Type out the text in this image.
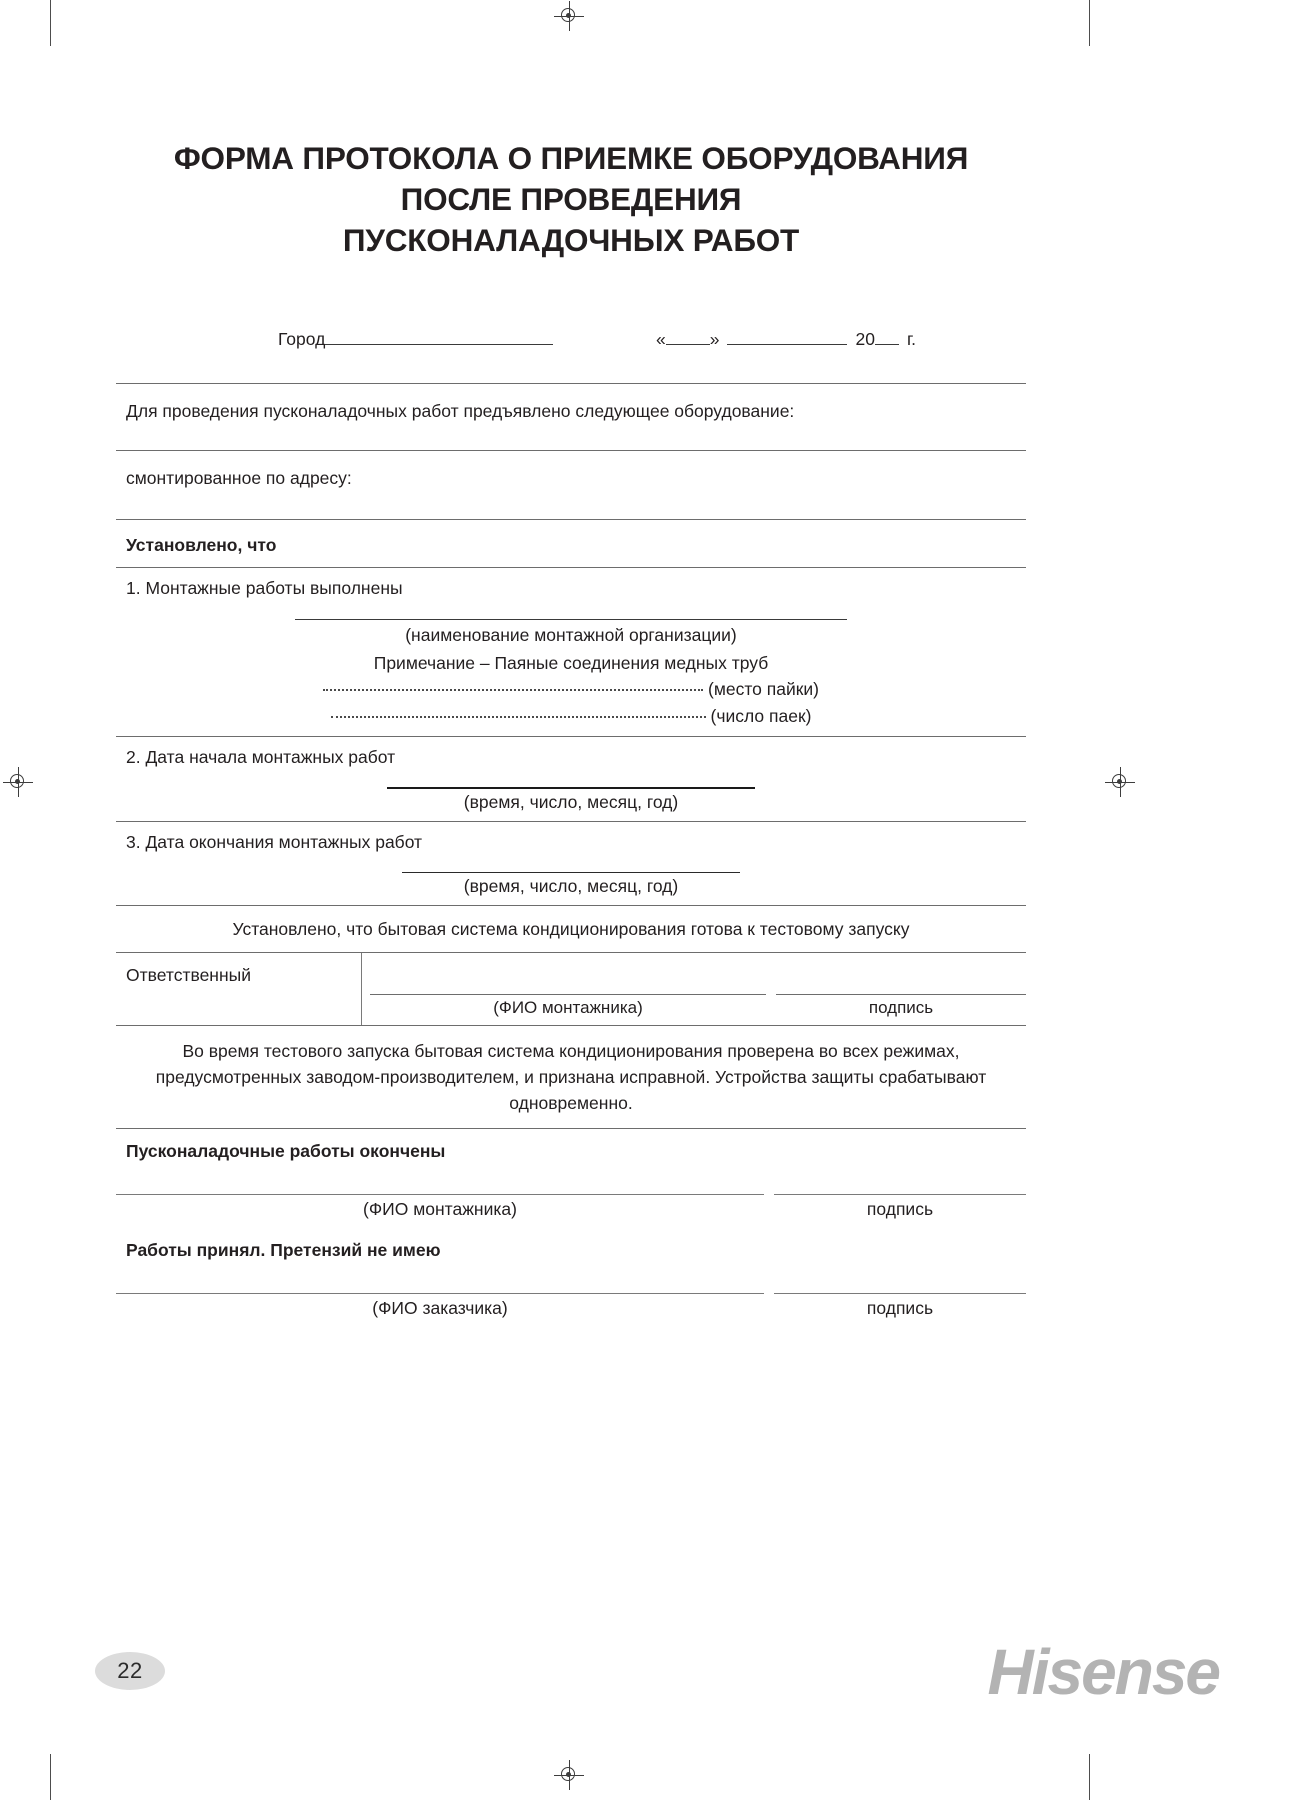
ФОРМА ПРОТОКОЛА О ПРИЕМКЕ ОБОРУДОВАНИЯ
ПОСЛЕ ПРОВЕДЕНИЯ
ПУСКОНАЛАДОЧНЫХ РАБОТ
Город	«	»	20 г.
Для проведения пусконаладочных работ предъявлено следующее оборудование:
смонтированное по адресу:
Установлено, что
1. Монтажные работы выполнены
(наименование монтажной организации)
Примечание – Паяные соединения медных труб
(место пайки)
(число паек)
2. Дата начала монтажных работ
(время, число, месяц, год)
3. Дата окончания монтажных работ
(время, число, месяц, год)
Установлено, что бытовая система кондиционирования готова к тестовому запуску
Ответственный
(ФИО монтажника)	подпись
Во время тестового запуска бытовая система кондиционирования проверена во всех режимах, предусмотренных заводом-производителем, и признана исправной. Устройства защиты срабатывают одновременно.
Пусконаладочные работы окончены
(ФИО монтажника)	подпись
Работы принял. Претензий не имею
(ФИО заказчика)	подпись
22	Hisense
